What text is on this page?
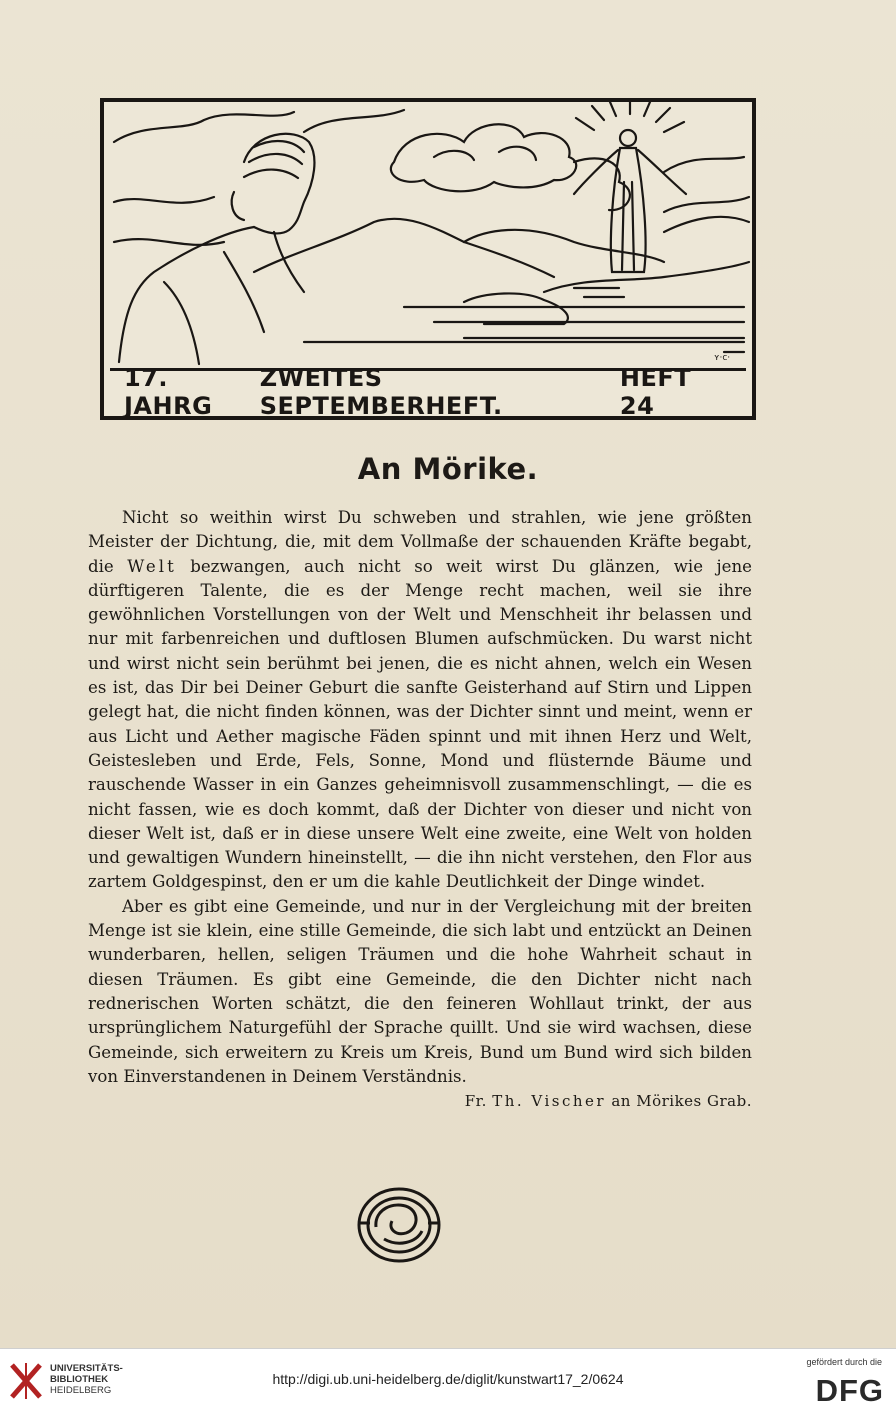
ʏ·c·
17. JAHRG
ZWEITES SEPTEMBERHEFT.
HEFT 24
An Mörike.

Nicht so weithin wirst Du schweben und strahlen, wie jene größten Meister der Dichtung, die, mit dem Vollmaße der schauenden Kräfte begabt, die Welt bezwangen, auch nicht so weit wirst Du glänzen, wie jene dürftigeren Talente, die es der Menge recht machen, weil sie ihre gewöhnlichen Vorstellungen von der Welt und Menschheit ihr belassen und nur mit farbenreichen und duftlosen Blumen aufschmücken. Du warst nicht und wirst nicht sein berühmt bei jenen, die es nicht ahnen, welch ein Wesen es ist, das Dir bei Deiner Geburt die sanfte Geisterhand auf Stirn und Lippen gelegt hat, die nicht finden können, was der Dichter sinnt und meint, wenn er aus Licht und Aether magische Fäden spinnt und mit ihnen Herz und Welt, Geistesleben und Erde, Fels, Sonne, Mond und flüsternde Bäume und rauschende Wasser in ein Ganzes geheimnisvoll zusammenschlingt, — die es nicht fassen, wie es doch kommt, daß der Dichter von dieser und nicht von dieser Welt ist, daß er in diese unsere Welt eine zweite, eine Welt von holden und gewaltigen Wundern hineinstellt, — die ihn nicht verstehen, den Flor aus zartem Goldgespinst, den er um die kahle Deutlichkeit der Dinge windet.

Aber es gibt eine Gemeinde, und nur in der Vergleichung mit der breiten Menge ist sie klein, eine stille Gemeinde, die sich labt und entzückt an Deinen wunderbaren, hellen, seligen Träumen und die hohe Wahrheit schaut in diesen Träumen. Es gibt eine Gemeinde, die den Dichter nicht nach rednerischen Worten schätzt, die den feineren Wohllaut trinkt, der aus ursprünglichem Naturgefühl der Sprache quillt. Und sie wird wachsen, diese Gemeinde, sich erweitern zu Kreis um Kreis, Bund um Bund wird sich bilden von Einverstandenen in Deinem Verständnis.
Fr. Th. Vischer an Mörikes Grab.

UNIVERSITÄTS-
BIBLIOTHEK
HEIDELBERG
http://digi.ub.uni-heidelberg.de/diglit/kunstwart17_2/0624
gefördert durch die
DFG
